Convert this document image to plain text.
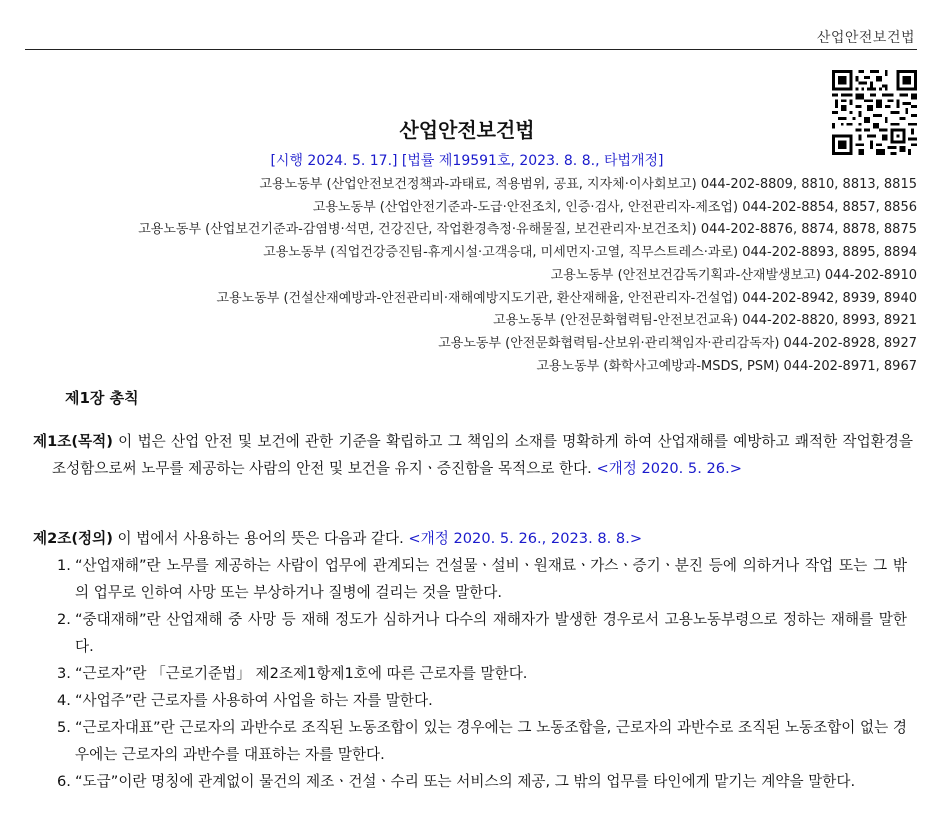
산업안전보건법
산업안전보건법
[시행 2024. 5. 17.] [법률 제19591호, 2023. 8. 8., 타법개정]
고용노동부 (산업안전보건정책과-과태료, 적용범위, 공표, 지자체·이사회보고) 044-202-8809, 8810, 8813, 8815
고용노동부 (산업안전기준과-도급·안전조치, 인증·검사, 안전관리자-제조업) 044-202-8854, 8857, 8856
고용노동부 (산업보건기준과-감염병·석면, 건강진단, 작업환경측정·유해물질, 보건관리자·보건조치) 044-202-8876, 8874, 8878, 8875
고용노동부 (직업건강증진팀-휴게시설·고객응대, 미세먼지·고열, 직무스트레스·과로) 044-202-8893, 8895, 8894
고용노동부 (안전보건감독기획과-산재발생보고) 044-202-8910
고용노동부 (건설산재예방과-안전관리비·재해예방지도기관, 환산재해율, 안전관리자-건설업) 044-202-8942, 8939, 8940
고용노동부 (안전문화협력팀-안전보건교육) 044-202-8820, 8993, 8921
고용노동부 (안전문화협력팀-산보위·관리책임자·관리감독자) 044-202-8928, 8927
고용노동부 (화학사고예방과-MSDS, PSM) 044-202-8971, 8967
제1장 총칙
제1조(목적) 이 법은 산업 안전 및 보건에 관한 기준을 확립하고 그 책임의 소재를 명확하게 하여 산업재해를 예방하고 쾌적한 작업환경을 조성함으로써 노무를 제공하는 사람의 안전 및 보건을 유지ㆍ증진함을 목적으로 한다. <개정 2020. 5. 26.>
제2조(정의) 이 법에서 사용하는 용어의 뜻은 다음과 같다. <개정 2020. 5. 26., 2023. 8. 8.>
1. “산업재해”란 노무를 제공하는 사람이 업무에 관계되는 건설물ㆍ설비ㆍ원재료ㆍ가스ㆍ증기ㆍ분진 등에 의하거나 작업 또는 그 밖의 업무로 인하여 사망 또는 부상하거나 질병에 걸리는 것을 말한다.
2. “중대재해”란 산업재해 중 사망 등 재해 정도가 심하거나 다수의 재해자가 발생한 경우로서 고용노동부령으로 정하는 재해를 말한다.
3. “근로자”란 「근로기준법」 제2조제1항제1호에 따른 근로자를 말한다.
4. “사업주”란 근로자를 사용하여 사업을 하는 자를 말한다.
5. “근로자대표”란 근로자의 과반수로 조직된 노동조합이 있는 경우에는 그 노동조합을, 근로자의 과반수로 조직된 노동조합이 없는 경우에는 근로자의 과반수를 대표하는 자를 말한다.
6. “도급”이란 명칭에 관계없이 물건의 제조ㆍ건설ㆍ수리 또는 서비스의 제공, 그 밖의 업무를 타인에게 맡기는 계약을 말한다.
